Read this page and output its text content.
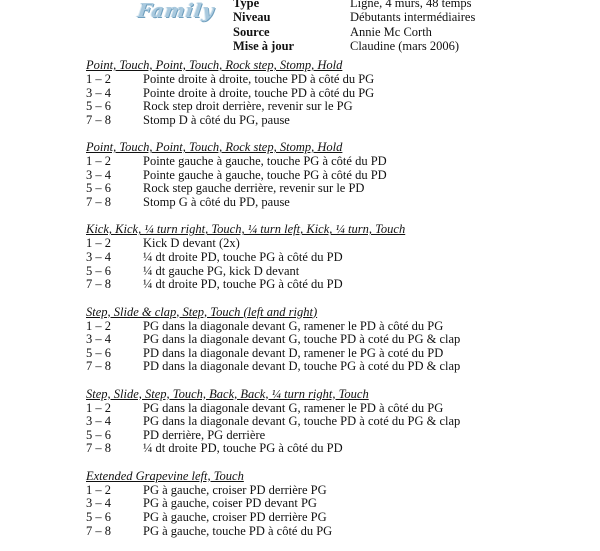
Family Type	Ligne, 4 murs, 48 temps
Niveau	Débutants intermédiaires
Source	Annie Mc Corth
Mise à jour	Claudine (mars 2006)
Point, Touch, Point, Touch, Rock step, Stomp, Hold
1 – 2	Pointe droite à droite, touche PD à côté du PG
3 – 4	Pointe droite à droite, touche PD à côté du PG
5 – 6	Rock step droit derrière, revenir sur le PG
7 – 8	Stomp D à côté du PG, pause
Point, Touch, Point, Touch, Rock step, Stomp, Hold
1 – 2	Pointe gauche à gauche, touche PG à côté du PD
3 – 4	Pointe gauche à gauche, touche PG à côté du PD
5 – 6	Rock step gauche derrière, revenir sur le PD
7 – 8	Stomp G à côté du PD, pause
Kick, Kick, ¼ turn right, Touch, ¼ turn left, Kick, ¼ turn, Touch
1 – 2	Kick D devant (2x)
3 – 4	¼ dt droite PD, touche PG à côté du PD
5 – 6	¼ dt gauche PG, kick D devant
7 – 8	¼ dt droite PD, touche PG à côté du PD
Step, Slide & clap, Step, Touch (left and right)
1 – 2	PG dans la diagonale devant G, ramener le PD à côté du PG
3 – 4	PG dans la diagonale devant G, touche PD à coté du PG & clap
5 – 6	PD dans la diagonale devant D, ramener le PG à coté du PD
7 – 8	PD dans la diagonale devant D, touche PG à coté du PD & clap
Step, Slide, Step, Touch, Back, Back, ¼ turn right, Touch
1 – 2	PG dans la diagonale devant G, ramener le PD à côté du PG
3 – 4	PG dans la diagonale devant G, touche PD à coté du PG & clap
5 – 6	PD derrière, PG derrière
7 – 8	¼ dt droite PD, touche PG à côté du PD
Extended Grapevine left, Touch
1 – 2	PG à gauche, croiser PD derrière PG
3 – 4	PG à gauche, coiser PD devant PG
5 – 6	PG à gauche, croiser PD derrière PG
7 – 8	PG à gauche, touche PD à côté du PG
